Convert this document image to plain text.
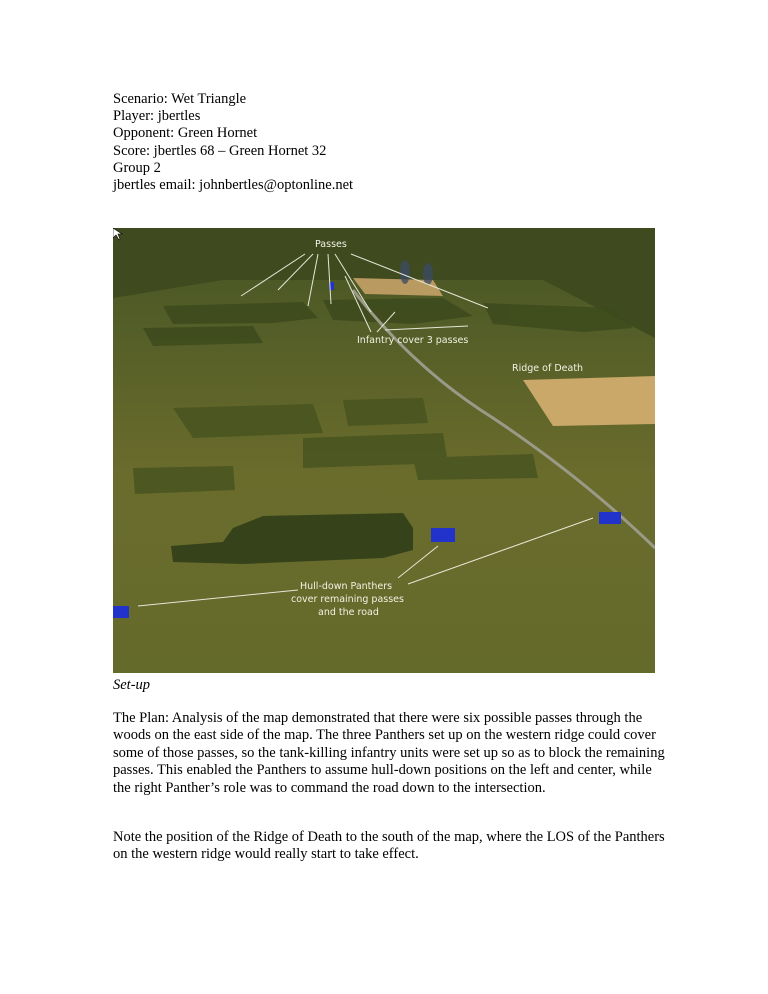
Scenario: Wet Triangle
Player: jbertles
Opponent: Green Hornet
Score: jbertles 68 – Green Hornet 32
Group 2
jbertles email: johnbertles@optonline.net
Passes
Infantry cover 3 passes
Ridge of Death
Hull-down Panthers
cover remaining passes
and the road
Set-up

The Plan: Analysis of the map demonstrated that there were six possible passes through the woods on the east side of the map. The three Panthers set up on the western ridge could cover some of those passes, so the tank-killing infantry units were set up so as to block the remaining passes. This enabled the Panthers to assume hull-down positions on the left and center, while the right Panther’s role was to command the road down to the intersection.

Note the position of the Ridge of Death to the south of the map, where the LOS of the Panthers on the western ridge would really start to take effect.
